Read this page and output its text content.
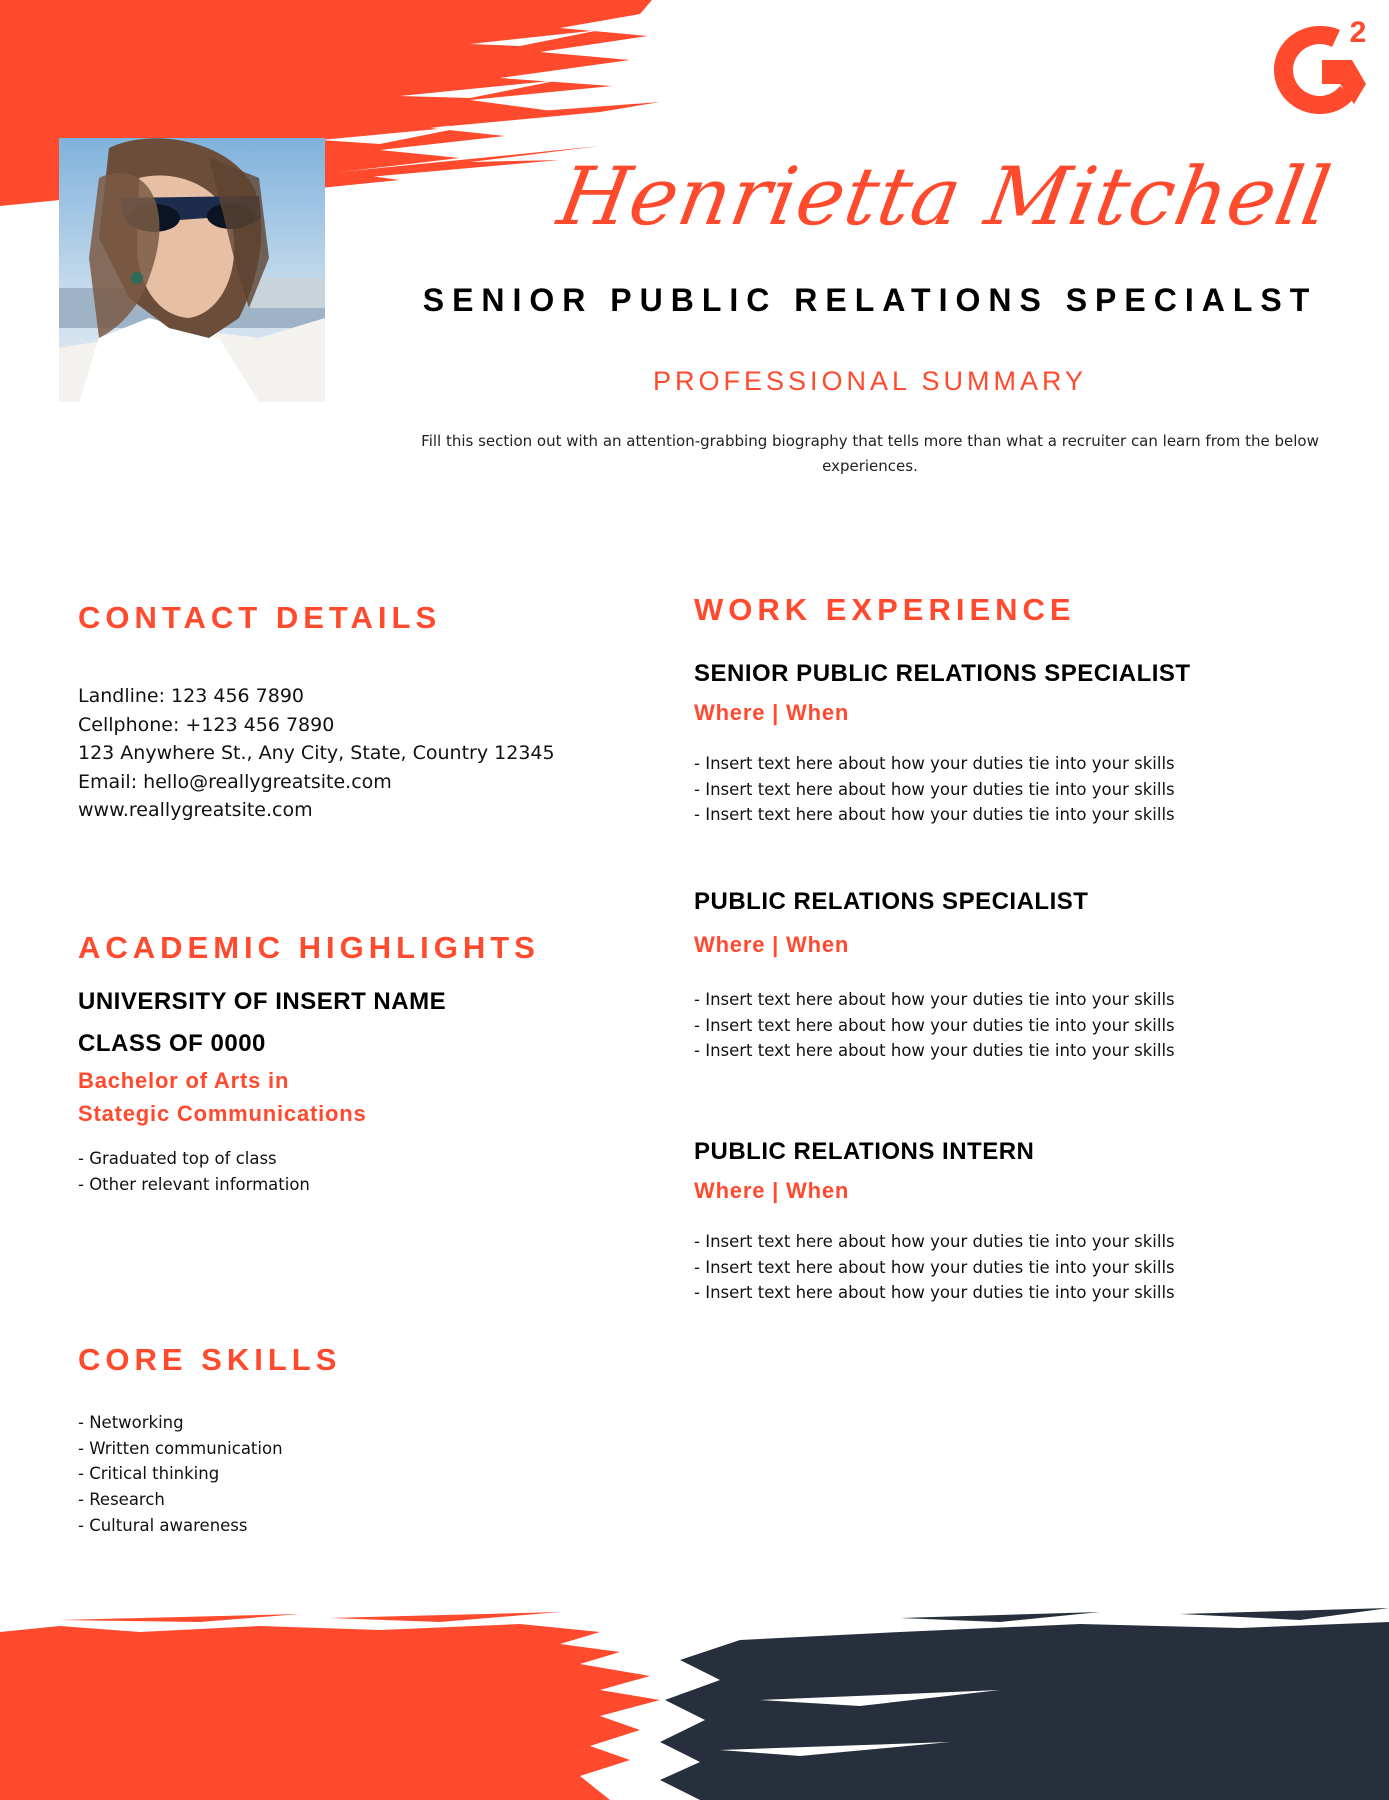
2
Henrietta Mitchell
SENIOR PUBLIC RELATIONS SPECIALST
PROFESSIONAL SUMMARY
Fill this section out with an attention-grabbing biography that tells more than what a recruiter can learn from the below experiences.
CONTACT DETAILS
Landline: 123 456 7890
Cellphone: +123 456 7890
123 Anywhere St., Any City, State, Country 12345
Email: hello@reallygreatsite.com
www.reallygreatsite.com
ACADEMIC HIGHLIGHTS
UNIVERSITY OF INSERT NAME
CLASS OF 0000
Bachelor of Arts in
Stategic Communications
- Graduated top of class
- Other relevant information
CORE SKILLS
- Networking
- Written communication
- Critical thinking
- Research
- Cultural awareness
WORK EXPERIENCE
SENIOR PUBLIC RELATIONS SPECIALIST
Where | When
- Insert text here about how your duties tie into your skills
- Insert text here about how your duties tie into your skills
- Insert text here about how your duties tie into your skills
PUBLIC RELATIONS SPECIALIST
Where | When
- Insert text here about how your duties tie into your skills
- Insert text here about how your duties tie into your skills
- Insert text here about how your duties tie into your skills
PUBLIC RELATIONS INTERN
Where | When
- Insert text here about how your duties tie into your skills
- Insert text here about how your duties tie into your skills
- Insert text here about how your duties tie into your skills
